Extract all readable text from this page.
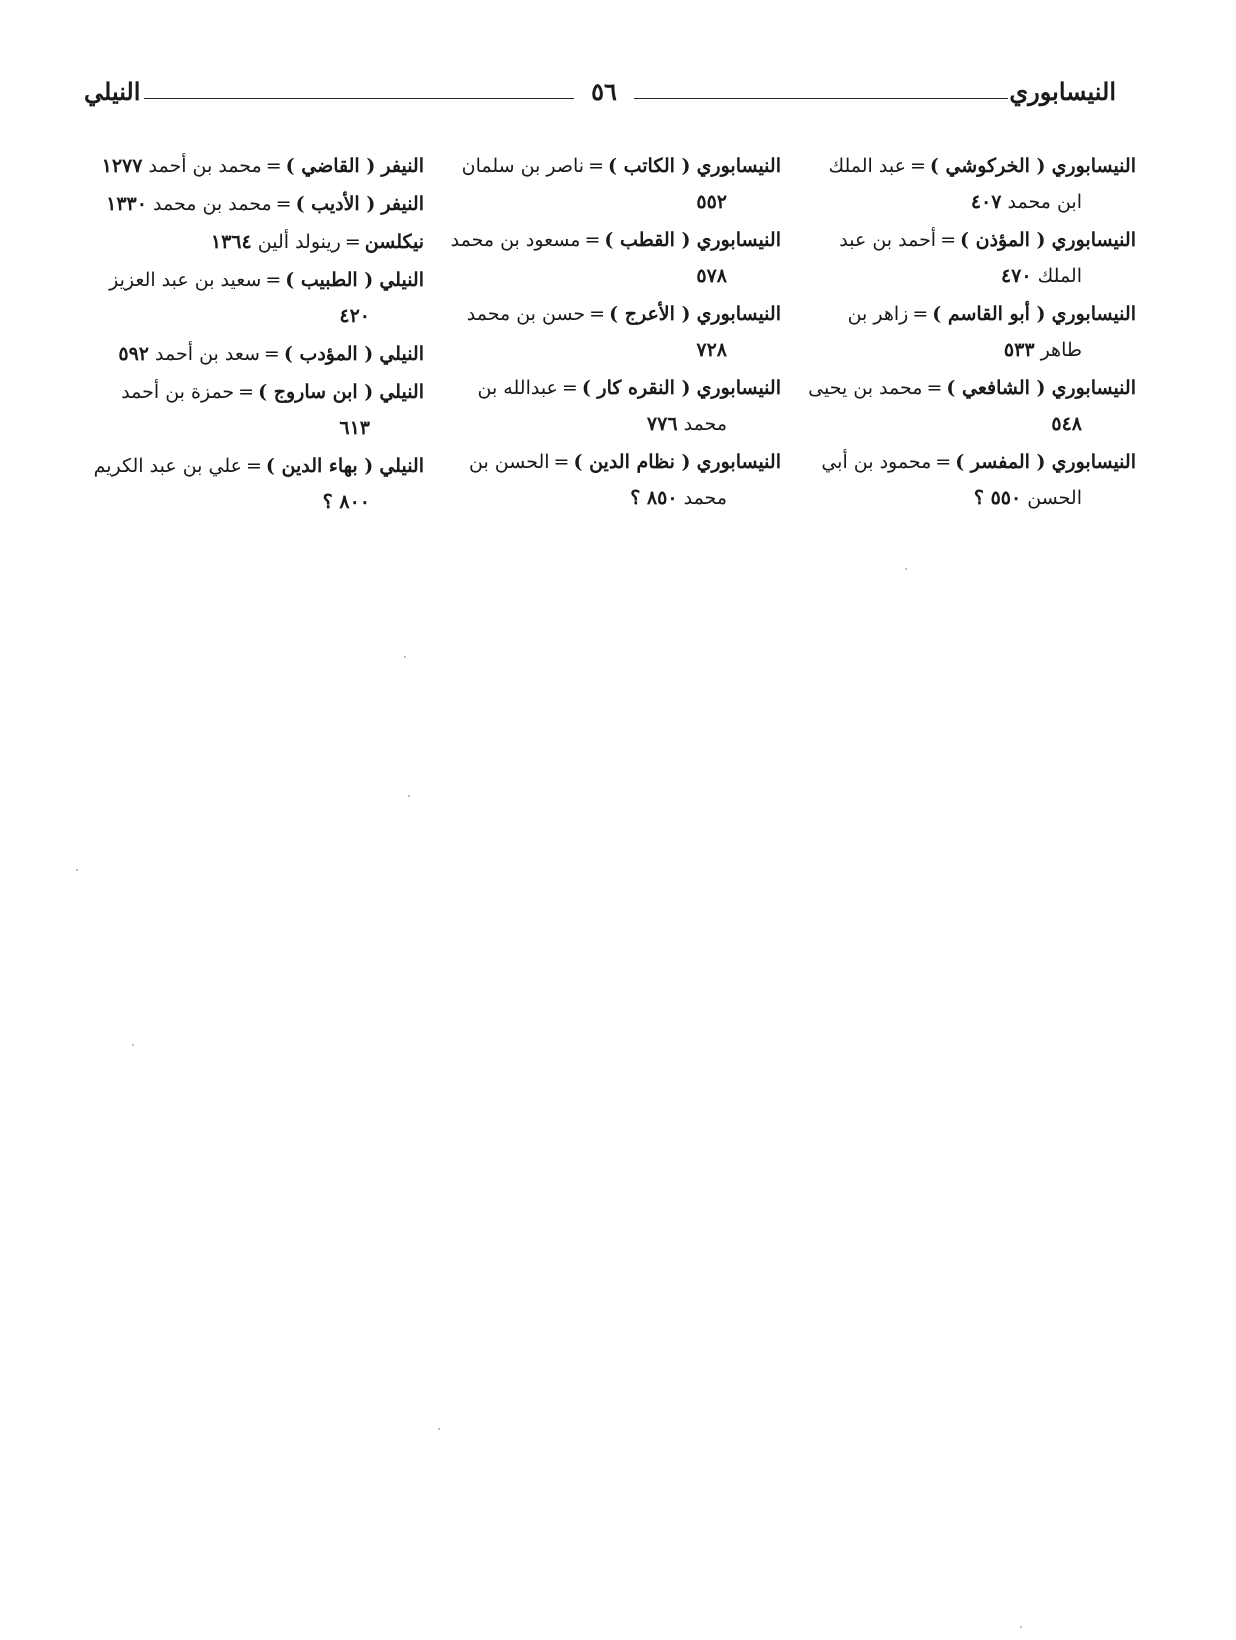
النيسابوري
٥٦
النيلي
النيسابوري ( الخركوشي )=عبد الملك
ابن محمد ٤٠٧
النيسابوري ( المؤذن )=أحمد بن عبد
الملك ٤٧٠
النيسابوري ( أبو القاسم )=زاهر بن
طاهر ٥٣٣
النيسابوري ( الشافعي )=محمد بن يحيى
٥٤٨
النيسابوري ( المفسر )=محمود بن أبي
الحسن ٥٥٠ ؟
النيسابوري ( الكاتب )=ناصر بن سلمان
٥٥٢
النيسابوري ( القطب )=مسعود بن محمد
٥٧٨
النيسابوري ( الأعرج )=حسن بن محمد
٧٢٨
النيسابوري ( النقره كار )=عبدالله بن
محمد ٧٧٦
النيسابوري ( نظام الدين )=الحسن بن
محمد ٨٥٠ ؟
النيفر ( القاضي )=محمد بن أحمد ١٢٧٧
النيفر ( الأديب )=محمد بن محمد ١٣٣٠
نيكلسن=رينولد ألين ١٣٦٤
النيلي ( الطبيب )=سعيد بن عبد العزيز
٤٢٠
النيلي ( المؤدب )=سعد بن أحمد ٥٩٢
النيلي ( ابن ساروج )=حمزة بن أحمد
٦١٣
النيلي ( بهاء الدين )=علي بن عبد الكريم
٨٠٠ ؟
